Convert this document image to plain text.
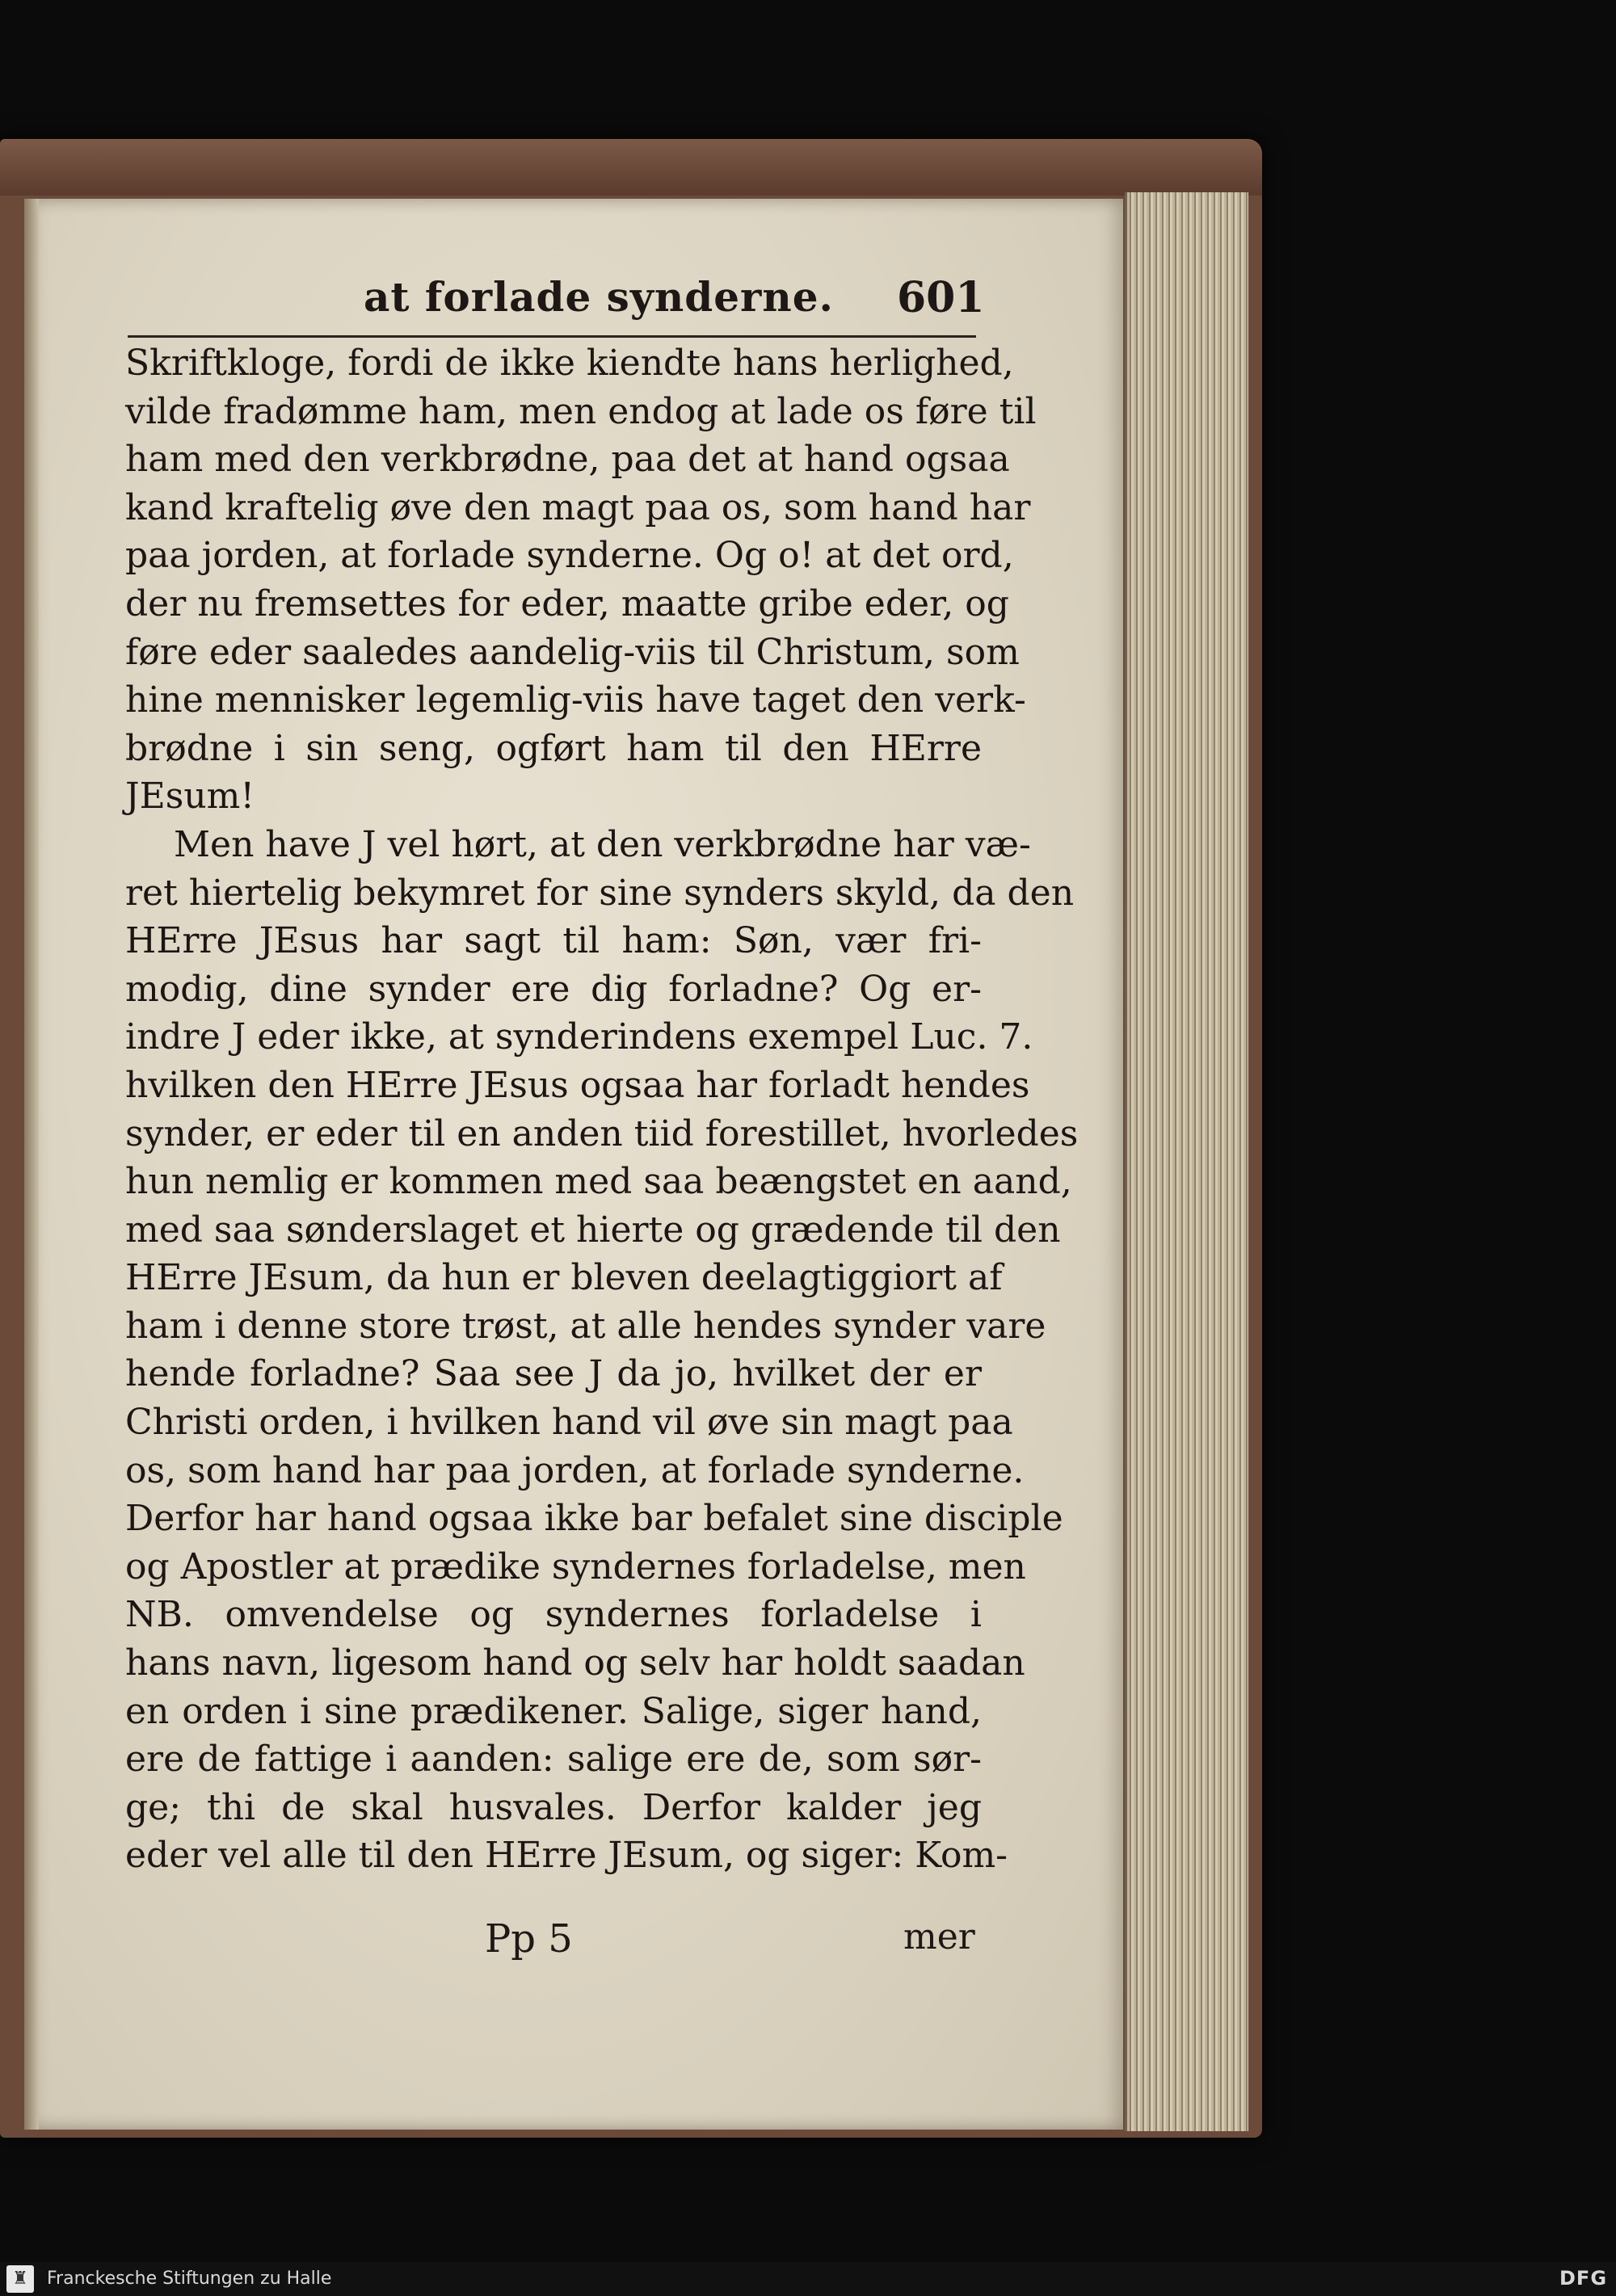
at forlade synderne. 601
Skriftkloge, fordi de ikke kiendte hans herlighed,
vilde fradømme ham, men endog at lade os føre til
ham med den verkbrødne, paa det at hand ogsaa
kand kraftelig øve den magt paa os, som hand har
paa jorden, at forlade synderne. Og o! at det ord,
der nu fremsettes for eder, maatte gribe eder, og
føre eder saaledes aandelig-viis til Christum, som
hine mennisker legemlig-viis have taget den verk-
brødne i sin seng, ogført ham til den HErre
JEsum!
Men have J vel hørt, at den verkbrødne har væ-
ret hiertelig bekymret for sine synders skyld, da den
HErre JEsus har sagt til ham: Søn, vær fri-
modig, dine synder ere dig forladne? Og er-
indre J eder ikke, at synderindens exempel Luc. 7.
hvilken den HErre JEsus ogsaa har forladt hendes
synder, er eder til en anden tiid forestillet, hvorledes
hun nemlig er kommen med saa beængstet en aand,
med saa sønderslaget et hierte og grædende til den
HErre JEsum, da hun er bleven deelagtiggiort af
ham i denne store trøst, at alle hendes synder vare
hende forladne? Saa see J da jo, hvilket der er
Christi orden, i hvilken hand vil øve sin magt paa
os, som hand har paa jorden, at forlade synderne.
Derfor har hand ogsaa ikke bar befalet sine disciple
og Apostler at prædike syndernes forladelse, men
NB. omvendelse og syndernes forladelse i
hans navn, ligesom hand og selv har holdt saadan
en orden i sine prædikener. Salige, siger hand,
ere de fattige i aanden: salige ere de, som sør-
ge; thi de skal husvales. Derfor kalder jeg
eder vel alle til den HErre JEsum, og siger: Kom-
Pp 5	mer
♜	Franckesche Stiftungen zu Halle	DFG
